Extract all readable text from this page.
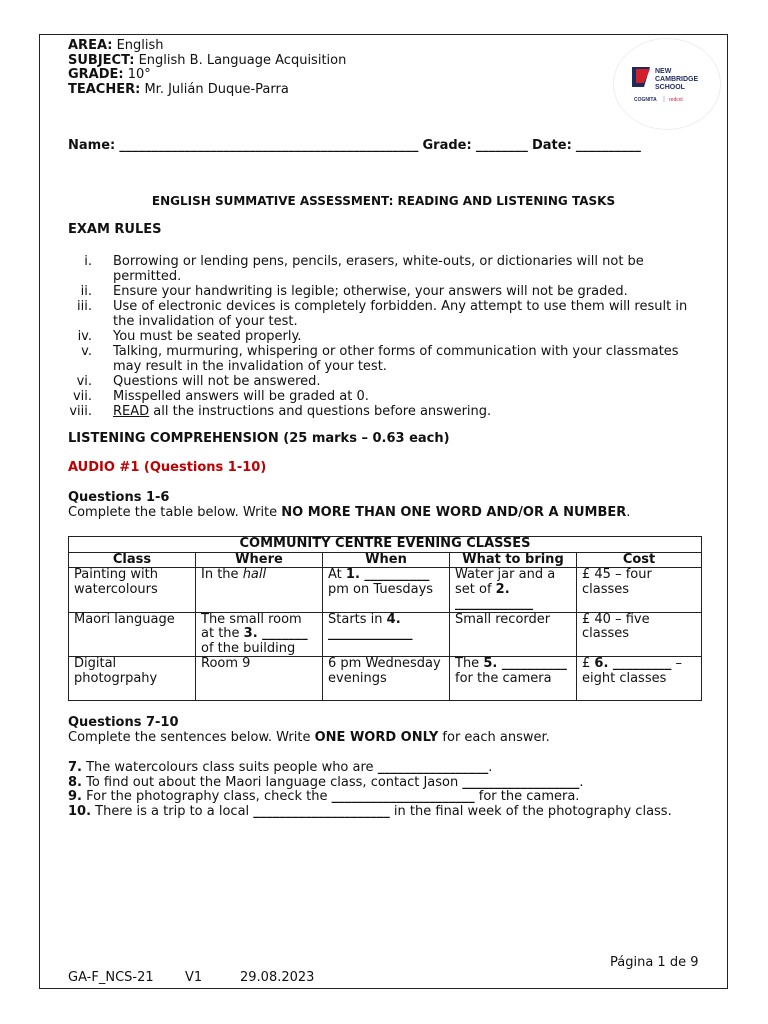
AREA: English
SUBJECT: English B. Language Acquisition
GRADE: 10°
TEACHER: Mr. Julián Duque-Parra
NEW
CAMBRIDGE
SCHOOL
COGNITA redcol
Name: ______________________________________________ Grade: ________ Date: __________
ENGLISH SUMMATIVE ASSESSMENT: READING AND LISTENING TASKS
EXAM RULES
i. Borrowing or lending pens, pencils, erasers, white-outs, or dictionaries will not be permitted.
ii. Ensure your handwriting is legible; otherwise, your answers will not be graded.
iii. Use of electronic devices is completely forbidden. Any attempt to use them will result in the invalidation of your test.
iv. You must be seated properly.
v. Talking, murmuring, whispering or other forms of communication with your classmates may result in the invalidation of your test.
vi. Questions will not be answered.
vii. Misspelled answers will be graded at 0.
viii. READ all the instructions and questions before answering.
LISTENING COMPREHENSION (25 marks – 0.63 each)
AUDIO #1 (Questions 1-10)
Questions 1-6
Complete the table below. Write NO MORE THAN ONE WORD AND/OR A NUMBER.
COMMUNITY CENTRE EVENING CLASSES				
Class	Where	When	What to bring	Cost
Painting with watercolours	In the hall	At 1. __________ pm on Tuesdays	Water jar and a set of 2. ____________	£ 45 – four classes
Maori language	The small room at the 3. _______ of the building	Starts in 4. _____________	Small recorder	£ 40 – five classes
Digital photogrpahy	Room 9	6 pm Wednesday evenings	The 5. __________ for the camera	£ 6. _________ – eight classes
Questions 7-10
Complete the sentences below. Write ONE WORD ONLY for each answer.
7. The watercolours class suits people who are _________________.
8. To find out about the Maori language class, contact Jason __________________.
9. For the photography class, check the ______________________ for the camera.
10. There is a trip to a local _____________________ in the final week of the photography class.
Página 1 de 9
GA-F_NCS-21 V1	29.08.2023
